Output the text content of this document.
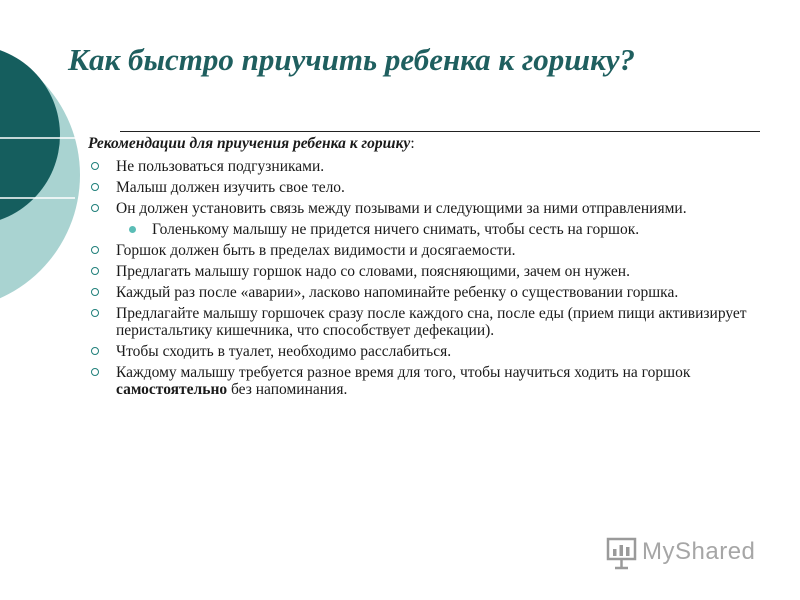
Как быстро приучить ребенка к горшку?

Рекомендации для приучения ребенка к горшку:

Не пользоваться подгузниками.
Малыш должен изучить свое тело.
Он должен установить связь между позывами и следующими за ними отправлениями.
Голенькому малышу не придется ничего снимать, чтобы сесть на горшок.
Горшок должен быть в пределах видимости и досягаемости.
Предлагать малышу горшок надо со словами, поясняющими, зачем он нужен.
Каждый раз после «аварии», ласково напоминайте ребенку о существовании горшка.
Предлагайте малышу горшочек сразу после каждого сна, после еды (прием пищи активизирует перистальтику кишечника, что способствует дефекации).
Чтобы сходить в туалет, необходимо расслабиться.
Каждому малышу требуется разное время для того, чтобы научиться ходить на горшок самостоятельно без напоминания.
MyShared
